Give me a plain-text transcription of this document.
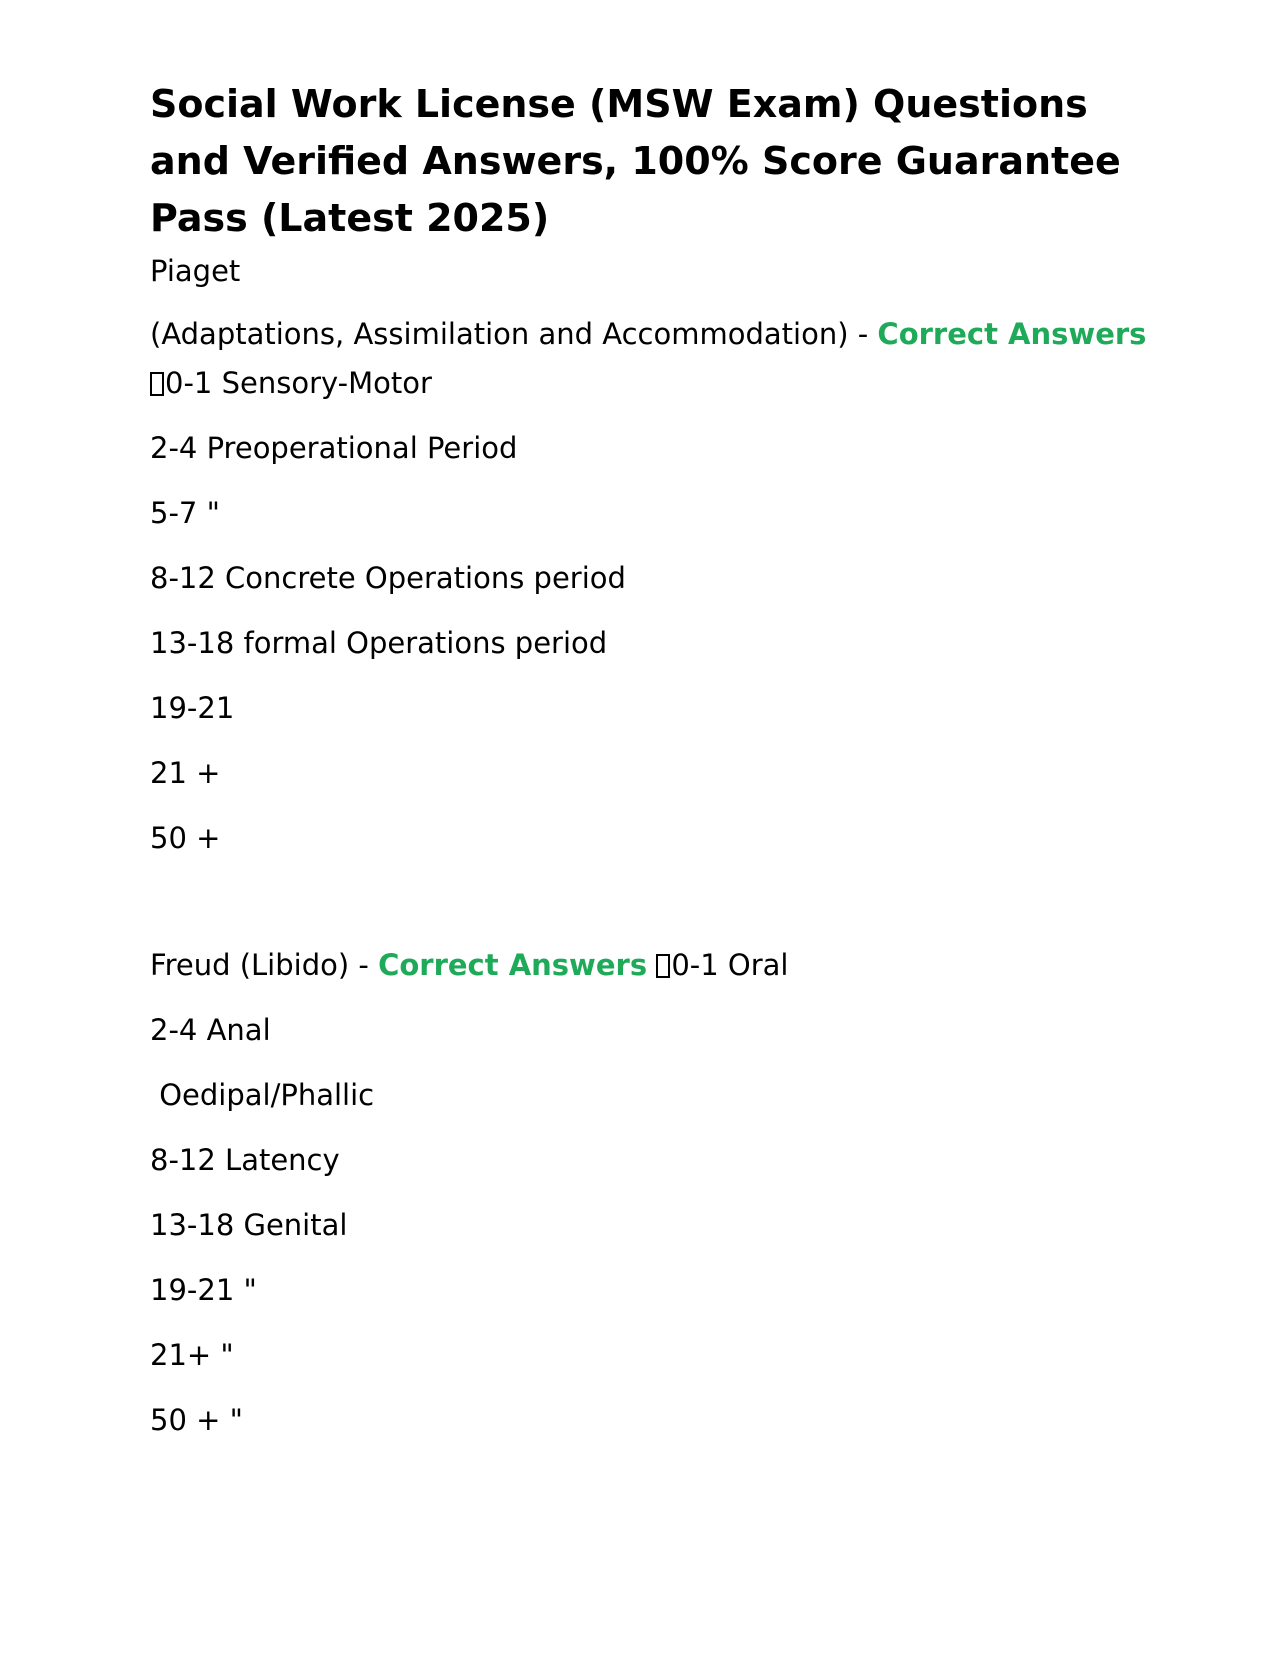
Social Work License (MSW Exam) Questions and Verified Answers, 100% Score Guarantee Pass (Latest 2025)

Piaget

(Adaptations, Assimilation and Accommodation) - Correct Answers 0-1 Sensory-Motor

2-4 Preoperational Period

5-7 "

8-12 Concrete Operations period

13-18 formal Operations period

19-21

21 +

50 +

Freud (Libido) - Correct Answers 0-1 Oral

2-4 Anal

Oedipal/Phallic

8-12 Latency

13-18 Genital

19-21 "

21+ "

50 + "
